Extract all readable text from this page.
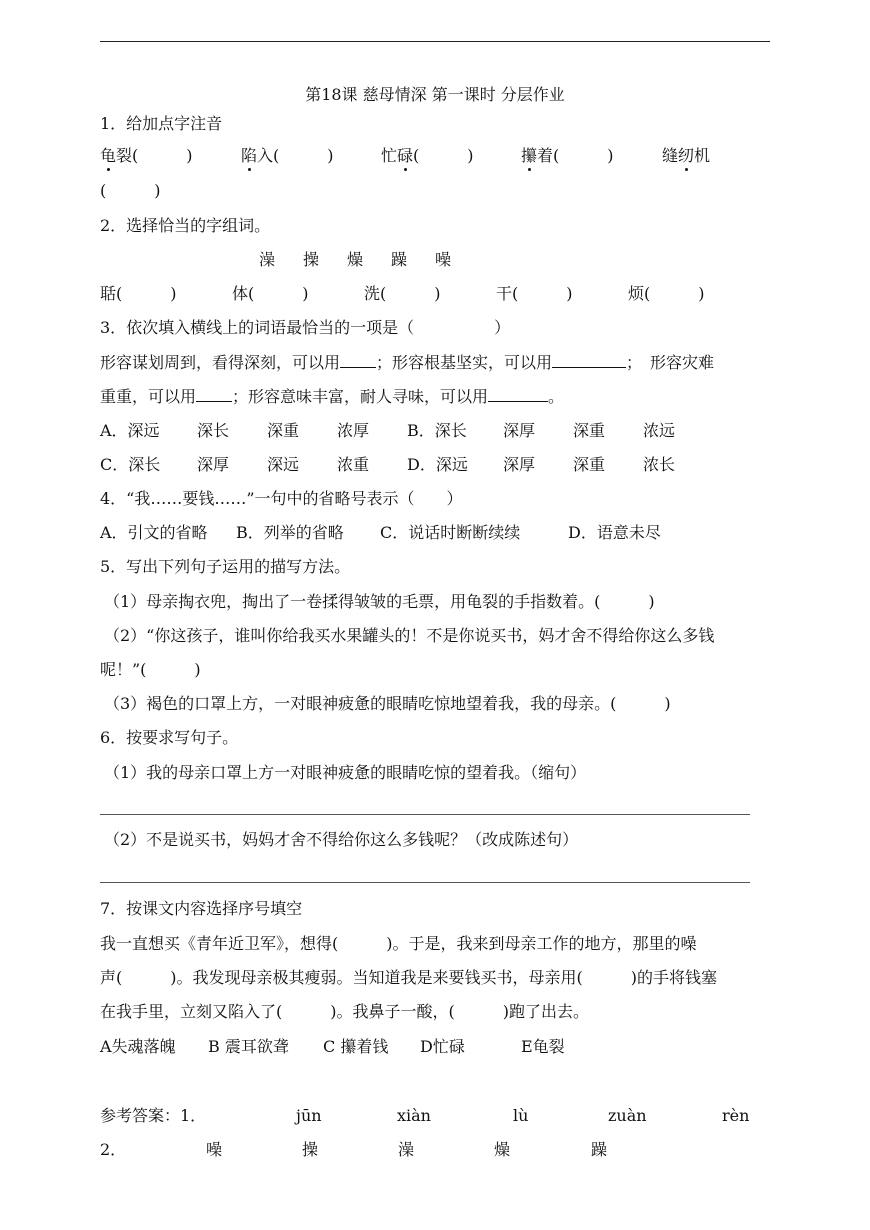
第18课 慈母情深 第一课时 分层作业
1．给加点字注音
龟裂(　　　)	陷入(　　　)	忙碌(　　　)	攥着(　　　)	缝纫机
(　　　)
2．选择恰当的字组词。
澡 操 燥 躁 噪
聒(　　　)	体(　　　)	洗(　　　)	干(　　　)	烦(　　　)
3．依次填入横线上的词语最恰当的一项是（　　　　　）
形容谋划周到，看得深刻，可以用 ；形容根基坚实，可以用	；　形容灾难
重重，可以用 ；形容意味丰富，耐人寻味，可以用	。
A．深远 深长 深重 浓厚 B．深长 深厚 深重 浓远
C．深长 深厚 深远 浓重 D．深远 深厚 深重 浓长
4．“我……要钱……”一句中的省略号表示（　　）
A．引文的省略 B．列举的省略 C．说话时断断续续	D．语意未尽
5．写出下列句子运用的描写方法。
（1）母亲掏衣兜，掏出了一卷揉得皱皱的毛票，用龟裂的手指数着。(　　　)
（2）“你这孩子，谁叫你给我买水果罐头的！不是你说买书，妈才舍不得给你这么多钱
呢！”(　　　)
（3）褐色的口罩上方，一对眼神疲惫的眼睛吃惊地望着我，我的母亲。(　　　)
6．按要求写句子。
（1）我的母亲口罩上方一对眼神疲惫的眼睛吃惊的望着我。（缩句）
（2）不是说买书，妈妈才舍不得给你这么多钱呢？（改成陈述句）
7．按课文内容选择序号填空
我一直想买《青年近卫军》，想得(　　　)。于是，我来到母亲工作的地方，那里的噪
声(　　　)。我发现母亲极其瘦弱。当知道我是来要钱买书，母亲用(　　　)的手将钱塞
在我手里，立刻又陷入了(　　　)。我鼻子一酸，(　　　)跑了出去。
A失魂落魄 B 震耳欲聋 C 攥着钱 D忙碌	E龟裂
参考答案：1．	jūn	xiàn	lù	zuàn	rèn
2．	噪	操	澡	燥	躁
